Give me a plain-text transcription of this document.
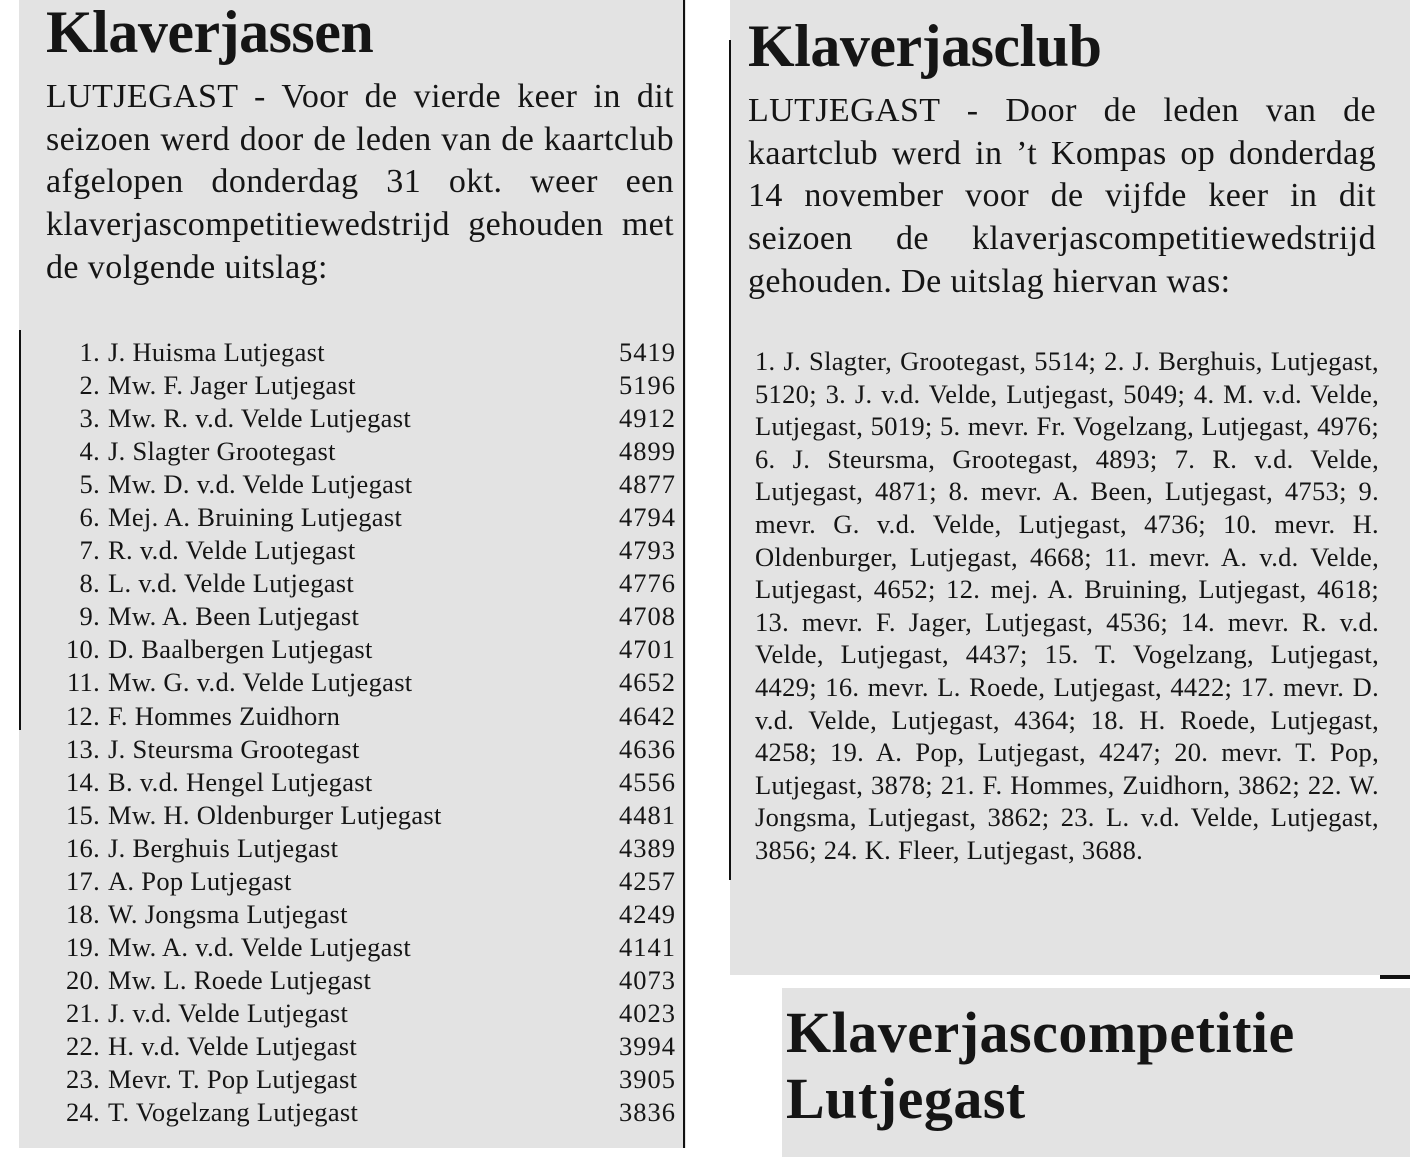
Klaverjassen

LUTJEGAST - Voor de vierde keer in dit seizoen werd door de leden van de kaartclub afgelopen donderdag 31 okt. weer een klaverjascompetitiewedstrijd gehouden met de volgende uitslag:

1. J. Huisma Lutjegast	5419
2. Mw. F. Jager Lutjegast	5196
3. Mw. R. v.d. Velde Lutjegast	4912
4. J. Slagter Grootegast	4899
5. Mw. D. v.d. Velde Lutjegast	4877
6. Mej. A. Bruining Lutjegast	4794
7. R. v.d. Velde Lutjegast	4793
8. L. v.d. Velde Lutjegast	4776
9. Mw. A. Been Lutjegast	4708
10. D. Baalbergen Lutjegast	4701
11. Mw. G. v.d. Velde Lutjegast	4652
12. F. Hommes Zuidhorn	4642
13. J. Steursma Grootegast	4636
14. B. v.d. Hengel Lutjegast	4556
15. Mw. H. Oldenburger Lutjegast	4481
16. J. Berghuis Lutjegast	4389
17. A. Pop Lutjegast	4257
18. W. Jongsma Lutjegast	4249
19. Mw. A. v.d. Velde Lutjegast	4141
20. Mw. L. Roede Lutjegast	4073
21. J. v.d. Velde Lutjegast	4023
22. H. v.d. Velde Lutjegast	3994
23. Mevr. T. Pop Lutjegast	3905
24. T. Vogelzang Lutjegast	3836
Klaverjasclub

LUTJEGAST - Door de leden van de kaartclub werd in ’t Kompas op donderdag 14 november voor de vijfde keer in dit seizoen de klaverjascompetitiewedstrijd gehouden. De uitslag hiervan was:

1. J. Slagter, Grootegast, 5514; 2. J. Berghuis, Lutjegast, 5120; 3. J. v.d. Velde, Lutjegast, 5049; 4. M. v.d. Velde, Lutjegast, 5019; 5. mevr. Fr. Vogelzang, Lutjegast, 4976; 6. J. Steursma, Grootegast, 4893; 7. R. v.d. Velde, Lutjegast, 4871; 8. mevr. A. Been, Lutjegast, 4753; 9. mevr. G. v.d. Velde, Lutjegast, 4736; 10. mevr. H. Oldenburger, Lutjegast, 4668; 11. mevr. A. v.d. Velde, Lutjegast, 4652; 12. mej. A. Bruining, Lutjegast, 4618; 13. mevr. F. Jager, Lutjegast, 4536; 14. mevr. R. v.d. Velde, Lutjegast, 4437; 15. T. Vogelzang, Lutjegast, 4429; 16. mevr. L. Roede, Lutjegast, 4422; 17. mevr. D. v.d. Velde, Lutjegast, 4364; 18. H. Roede, Lutjegast, 4258; 19. A. Pop, Lutjegast, 4247; 20. mevr. T. Pop, Lutjegast, 3878; 21. F. Hommes, Zuidhorn, 3862; 22. W. Jongsma, Lutjegast, 3862; 23. L. v.d. Velde, Lutjegast, 3856; 24. K. Fleer, Lutjegast, 3688.

Klaverjascompetitie
Lutjegast
